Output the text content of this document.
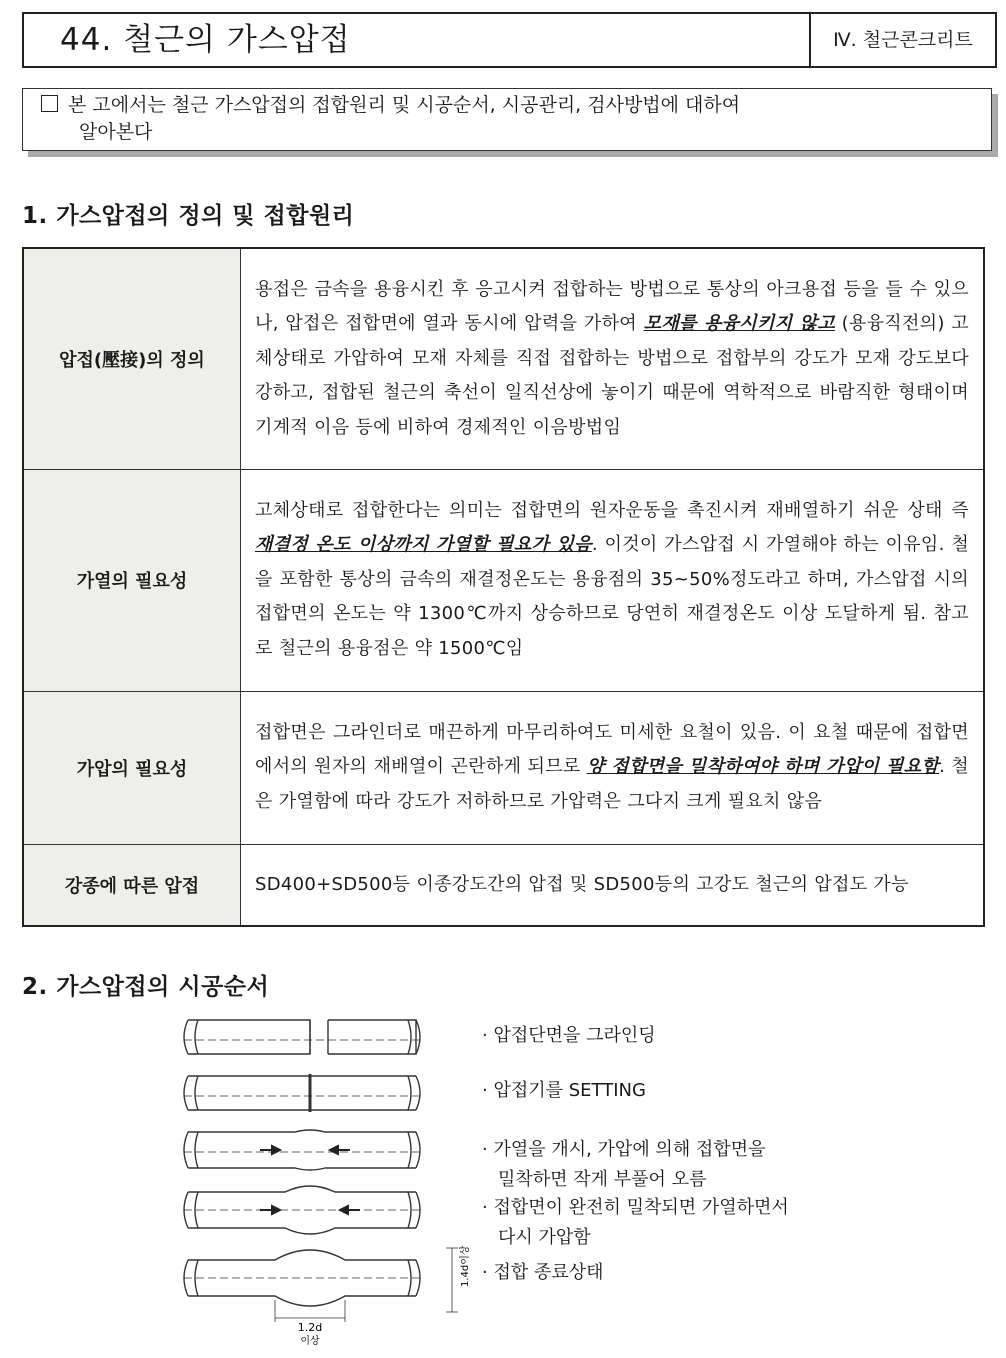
44. 철근의 가스압접	Ⅳ. 철근콘크리트
본 고에서는 철근 가스압접의 접합원리 및 시공순서, 시공관리, 검사방법에 대하여
알아본다
1. 가스압접의 정의 및 접합원리
압접(壓接)의 정의	용접은 금속을 용융시킨 후 응고시켜 접합하는 방법으로 통상의 아크용접 등을 들 수 있으나, 압접은 접합면에 열과 동시에 압력을 가하여 모재를 용융시키지 않고 (용융직전의) 고체상태로 가압하여 모재 자체를 직접 접합하는 방법으로 접합부의 강도가 모재 강도보다 강하고, 접합된 철근의 축선이 일직선상에 놓이기 때문에 역학적으로 바람직한 형태이며 기계적 이음 등에 비하여 경제적인 이음방법임
가열의 필요성	고체상태로 접합한다는 의미는 접합면의 원자운동을 촉진시켜 재배열하기 쉬운 상태 즉 재결정 온도 이상까지 가열할 필요가 있음. 이것이 가스압접 시 가열해야 하는 이유임. 철을 포함한 통상의 금속의 재결정온도는 용융점의 35~50%정도라고 하며, 가스압접 시의 접합면의 온도는 약 1300℃까지 상승하므로 당연히 재결정온도 이상 도달하게 됨. 참고로 철근의 용융점은 약 1500℃임
가압의 필요성	접합면은 그라인더로 매끈하게 마무리하여도 미세한 요철이 있음. 이 요철 때문에 접합면에서의 원자의 재배열이 곤란하게 되므로 양 접합면을 밀착하여야 하며 가압이 필요함. 철은 가열함에 따라 강도가 저하하므로 가압력은 그다지 크게 필요치 않음
강종에 따른 압접	SD400+SD500등 이종강도간의 압접 및 SD500등의 고강도 철근의 압접도 가능
2. 가스압접의 시공순서
1.2d
이상
1.4d이상
· 압접단면을 그라인딩
· 압접기를 SETTING
· 가열을 개시, 가압에 의해 접합면을
밀착하면 작게 부풀어 오름
· 접합면이 완전히 밀착되면 가열하면서
다시 가압함
· 접합 종료상태
